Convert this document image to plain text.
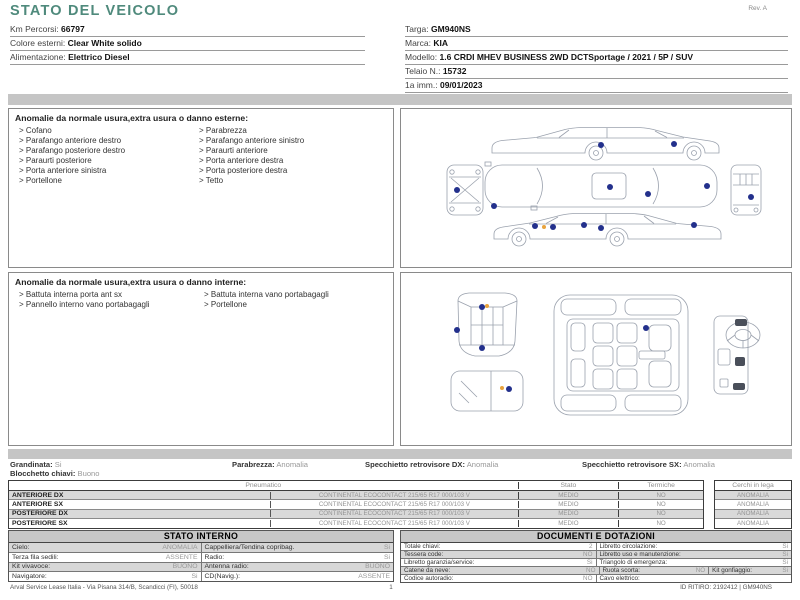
STATO DEL VEICOLO	Rev. A
Km Percorsi: 66797
Colore esterni: Clear White solido
Alimentazione: Elettrico Diesel
Targa: GM940NS
Marca: KIA
Modello: 1.6 CRDI MHEV BUSINESS 2WD DCTSportage / 2021 / 5P / SUV
Telaio N.: 15732
1a imm.: 09/01/2023
Anomalie da normale usura,extra usura o danno esterne:
> Cofano
> Parafango anteriore destro
> Parafango posteriore destro
> Paraurti posteriore
> Porta anteriore sinistra
> Portellone
> Parabrezza
> Parafango anteriore sinistro
> Paraurti anteriore
> Porta anteriore destra
> Porta posteriore destra
> Tetto
Anomalie da normale usura,extra usura o danno interne:
> Battuta interna porta ant sx
> Pannello interno vano portabagagli
> Battuta interna vano portabagagli
> Portellone
Grandinata: Si	Parabrezza: Anomalia	Specchietto retrovisore DX: Anomalia	Specchietto retrovisore SX: Anomalia
Blocchetto chiavi: Buono
Pneumatico	Stato	Termiche
ANTERIORE DX	CONTINENTAL ECOCONTACT 215/65 R17 000/103 V	MEDIO	NO
ANTERIORE SX	CONTINENTAL ECOCONTACT 215/65 R17 000/103 V	MEDIO	NO
POSTERIORE DX	CONTINENTAL ECOCONTACT 215/65 R17 000/103 V	MEDIO	NO
POSTERIORE SX	CONTINENTAL ECOCONTACT 215/65 R17 000/103 V	MEDIO	NO
Cerchi in lega
ANOMALIA
ANOMALIA
ANOMALIA
ANOMALIA
STATO INTERNO
Cielo:	ANOMALIA Cappelliera/Tendina copribag.	Si
Terza fila sedili:	ASSENTE Radio:	Si
Kit vivavoce:	BUONO Antenna radio:	BUONO
Navigatore:	Si CD(Navig.):	ASSENTE
DOCUMENTI E DOTAZIONI
Totale chiavi:	2 Libretto circolazione:	Si
Tessera code:	NO Libretto uso e manutenzione:	Si
Libretto garanzia/service:	Si Triangolo di emergenza:	Si
Catene da neve:	NO Ruota scorta:	NO Kit gonfiaggio:	Si
Codice autoradio:	NO Cavo elettrico:
Arval Service Lease Italia - Via Pisana 314/B, Scandicci (FI), 50018	1	ID RITIRO: 2192412 | GM940NS
